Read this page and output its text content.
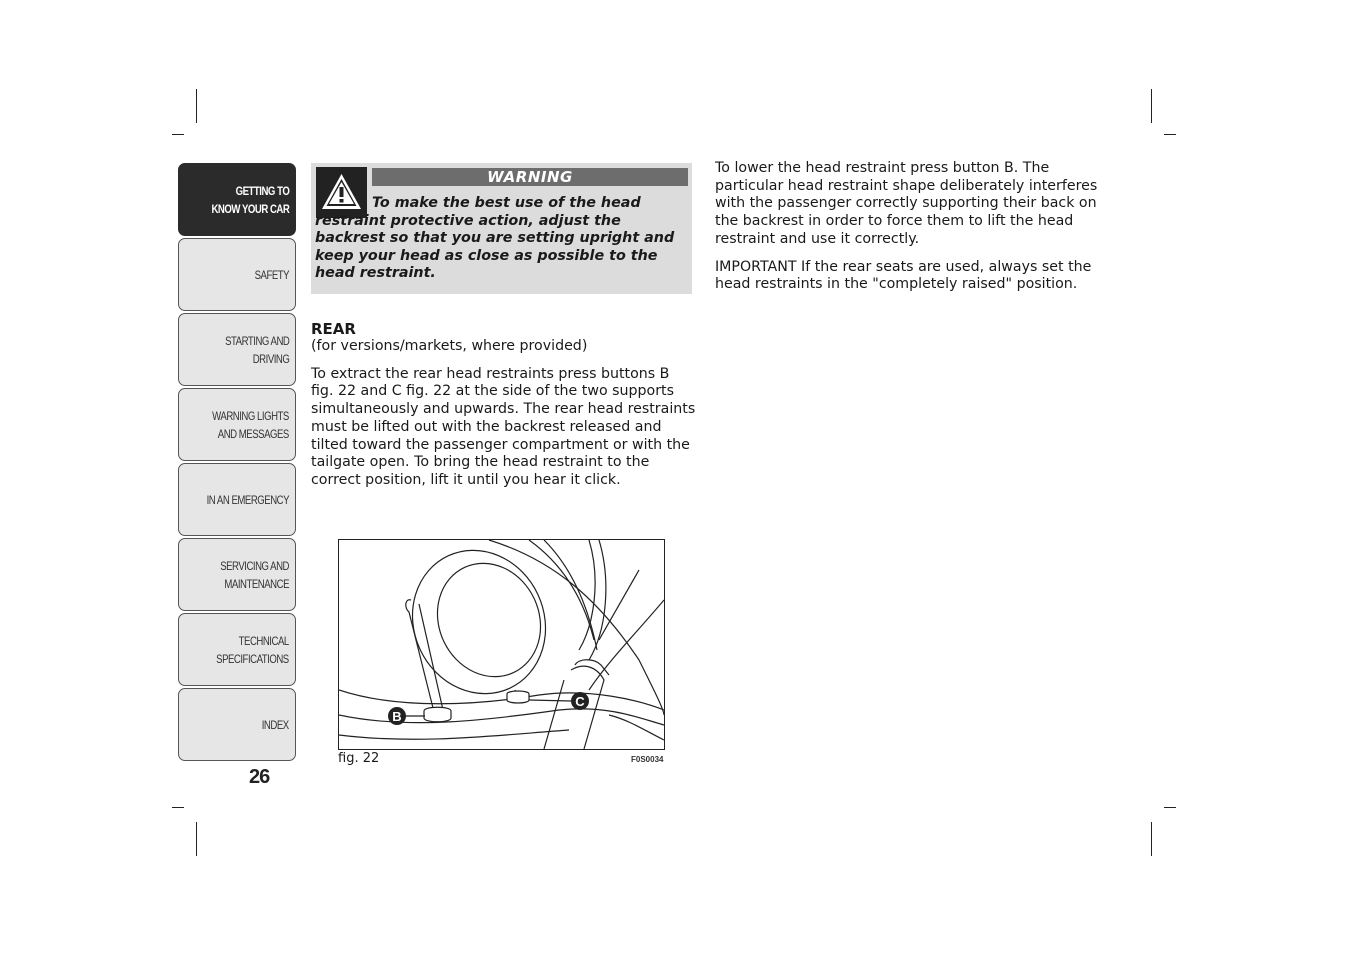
GETTING TO
KNOW YOUR CAR
SAFETY
STARTING AND
DRIVING
WARNING LIGHTS
AND MESSAGES
IN AN EMERGENCY
SERVICING AND
MAINTENANCE
TECHNICAL
SPECIFICATIONS
INDEX
26
WARNING
To make the best use of the head restraint protective action, adjust the backrest so that you are setting upright and keep your head as close as possible to the head restraint.
REAR

(for versions/markets, where provided)

To extract the rear head restraints press buttons B fig. 22 and C fig. 22 at the side of the two supports simultaneously and upwards. The rear head restraints must be lifted out with the backrest released and tilted toward the passenger compartment or with the tailgate open. To bring the head restraint to the correct position, lift it until you hear it click.

B
C
fig. 22	F0S0034

To lower the head restraint press button B. The particular head restraint shape deliberately interferes with the passenger correctly supporting their back on the backrest in order to force them to lift the head restraint and use it correctly.

IMPORTANT If the rear seats are used, always set the head restraints in the "completely raised" position.
